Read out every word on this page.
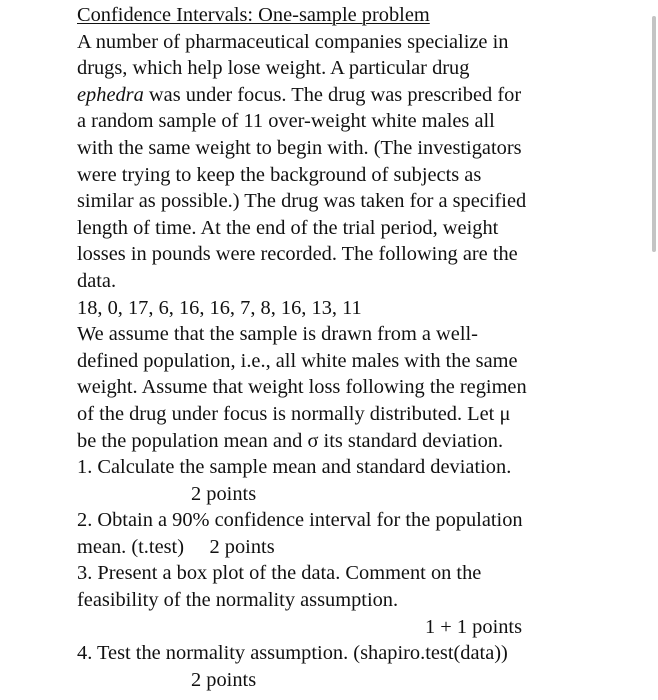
Confidence Intervals: One-sample problem
A number of pharmaceutical companies specialize in
drugs, which help lose weight. A particular drug
ephedra was under focus. The drug was prescribed for
a random sample of 11 over-weight white males all
with the same weight to begin with. (The investigators
were trying to keep the background of subjects as
similar as possible.) The drug was taken for a specified
length of time. At the end of the trial period, weight
losses in pounds were recorded. The following are the
data.
18, 0, 17, 6, 16, 16, 7, 8, 16, 13, 11
We assume that the sample is drawn from a well-
defined population, i.e., all white males with the same
weight. Assume that weight loss following the regimen
of the drug under focus is normally distributed. Let μ
be the population mean and σ its standard deviation.
1. Calculate the sample mean and standard deviation.
2 points
2. Obtain a 90% confidence interval for the population
mean. (t.test)     2 points
3. Present a box plot of the data. Comment on the
feasibility of the normality assumption.
1 + 1 points
4. Test the normality assumption. (shapiro.test(data))
2 points
